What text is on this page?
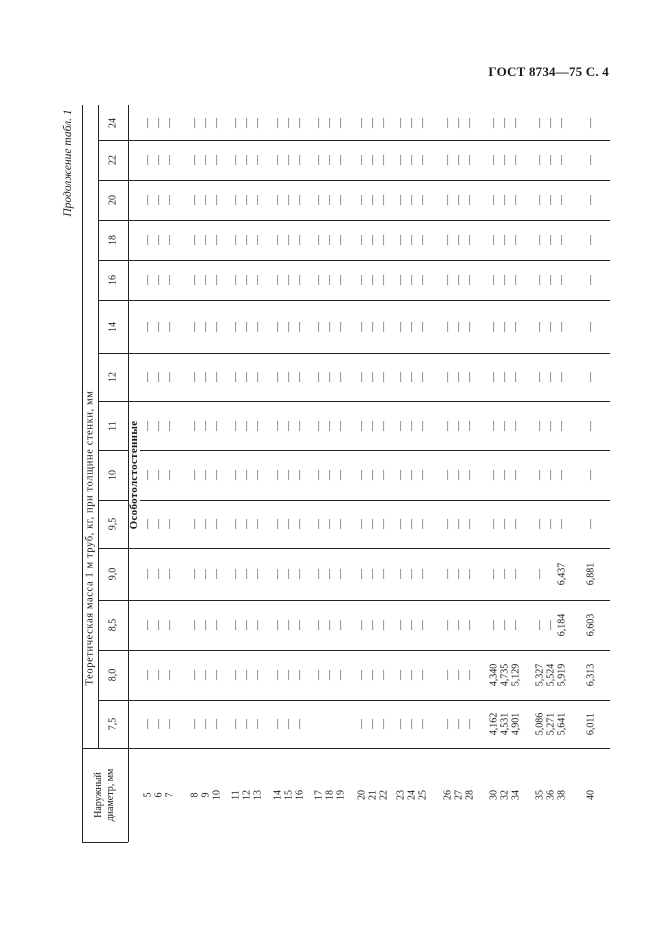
ГОСТ 8734—75 С. 4
Продолжение табл. 1
Теоретическая масса 1 м труб, кг, при толщине стенки, мм
Наружный диаметр, мм
Особотолстостенные
7,5
8,0
8,5
9,0
9,5
10
11
12
14
16
18
20
22
24
5 6 7 8 9 10 11 12 13 14 15 16 17 18 19 20 21 22 23 24 25 26 27 28 30 32 34 35 36 38 40
— — — — — — — — — — — —	— — — — — — — — — 4,162 4,531 4,901 5,086 5,271 5,641 6,011
— — — — — — — — — — — — — — — — — — — — — — — — 4,340 4,735 5,129 5,327 5,524 5,919 6,313
— — — — — — — — — — — — — — — — — — — — — — — — — — — — — 6,184 6,603
— — — — — — — — — — — — — — — — — — — — — — — — — — — — 6,437 6,881
— — — — — — — — — — — — — — — — — — — — — — — — — — — — — — —
— — — — — — — — — — — — — — — — — — — — — — — — — — — — — — —
— — — — — — — — — — — — — — — — — — — — — — — — — — — — — — —
— — — — — — — — — — — — — — — — — — — — — — — — — — — — — — —
— — — — — — — — — — — — — — — — — — — — — — — — — — — — — — —
— — — — — — — — — — — — — — — — — — — — — — — — — — — — — — —
— — — — — — — — — — — — — — — — — — — — — — — — — — — — — — —
— — — — — — — — — — — — — — — — — — — — — — — — — — — — — — —
— — — — — — — — — — — — — — — — — — — — — — — — — — — — — — —
— — — — — — — — — — — — — — — — — — — — — — — — — — — — — — —
